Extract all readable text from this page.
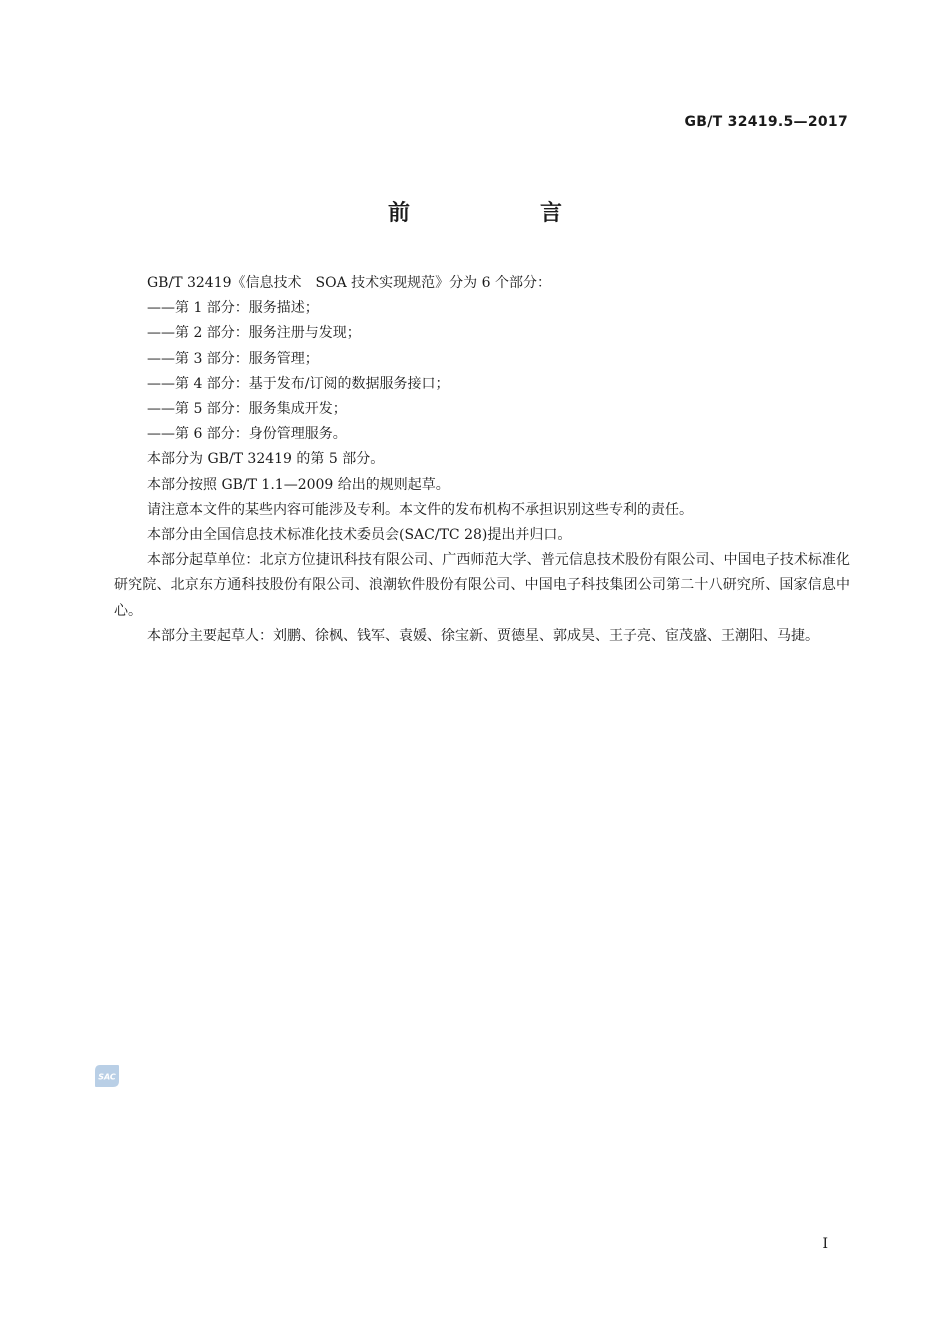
GB/T 32419.5—2017
前　言

GB/T 32419《信息技术　SOA 技术实现规范》分为 6 个部分：

——第 1 部分：服务描述；

——第 2 部分：服务注册与发现；

——第 3 部分：服务管理；

——第 4 部分：基于发布/订阅的数据服务接口；

——第 5 部分：服务集成开发；

——第 6 部分：身份管理服务。

本部分为 GB/T 32419 的第 5 部分。

本部分按照 GB/T 1.1—2009 给出的规则起草。

请注意本文件的某些内容可能涉及专利。本文件的发布机构不承担识别这些专利的责任。

本部分由全国信息技术标准化技术委员会(SAC/TC 28)提出并归口。

本部分起草单位：北京方位捷讯科技有限公司、广西师范大学、普元信息技术股份有限公司、中国电子技术标准化研究院、北京东方通科技股份有限公司、浪潮软件股份有限公司、中国电子科技集团公司第二十八研究所、国家信息中心。

本部分主要起草人：刘鹏、徐枫、钱军、袁媛、徐宝新、贾德星、郭成昊、王子亮、宦茂盛、王潮阳、马捷。

SAC
I
